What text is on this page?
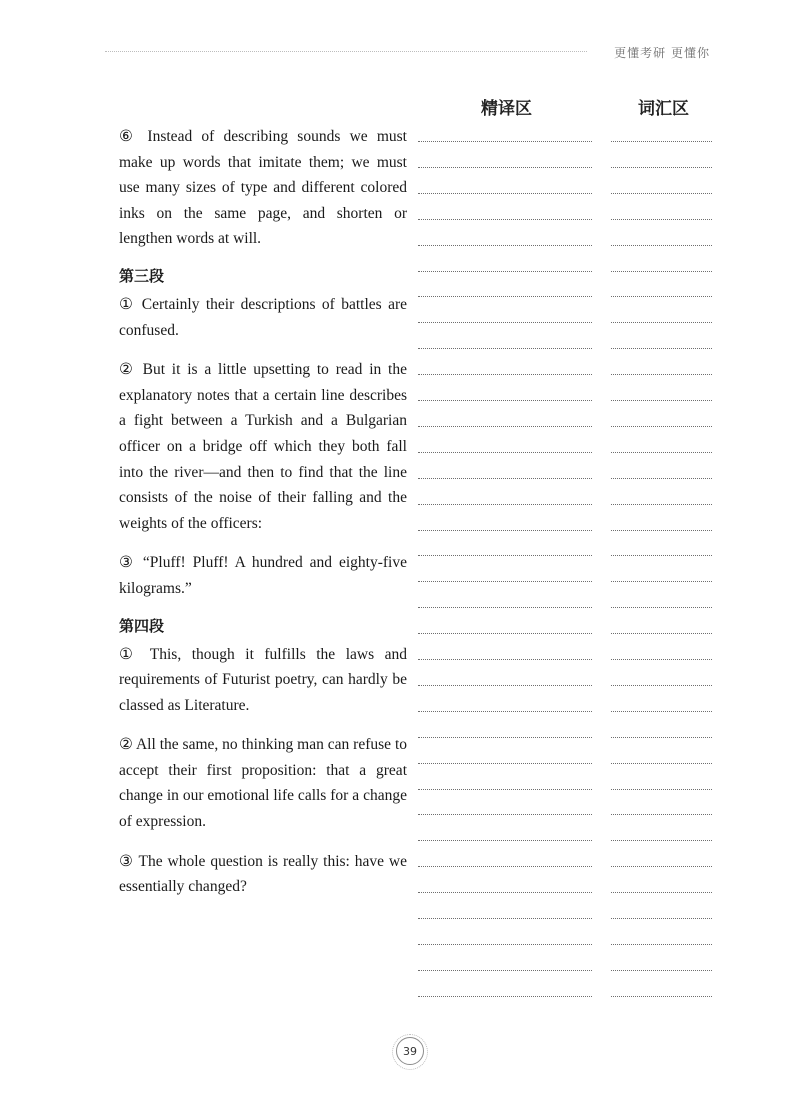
更懂考研 更懂你
精译区	词汇区

⑥ Instead of describing sounds we must make up words that imitate them; we must use many sizes of type and different colored inks on the same page, and shorten or lengthen words at will.

第三段

① Certainly their descriptions of battles are confused.

② But it is a little upsetting to read in the explanatory notes that a certain line describes a fight between a Turkish and a Bulgarian officer on a bridge off which they both fall into the river—and then to find that the line consists of the noise of their falling and the weights of the officers:

③ “Pluff! Pluff! A hundred and eighty-five kilograms.”

第四段

① This, though it fulfills the laws and requirements of Futurist poetry, can hardly be classed as Literature.

② All the same, no thinking man can refuse to accept their first proposition: that a great change in our emotional life calls for a change of expression.

③ The whole question is really this: have we essentially changed?

39
